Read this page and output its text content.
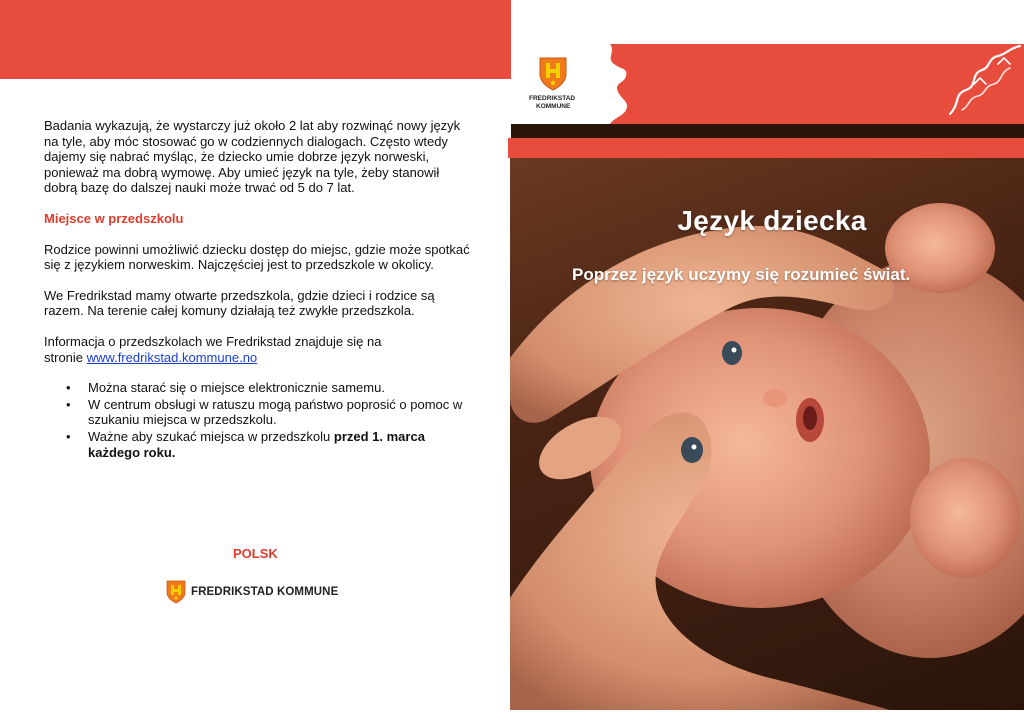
Badania wykazują, że wystarczy już około 2 lat aby rozwinąć nowy język na tyle, aby móc stosować go w codziennych dialogach. Często wtedy dajemy się nabrać myśląc, że dziecko umie dobrze język norweski, ponieważ ma dobrą wymowę. Aby umieć język na tyle, żeby stanowił dobrą bazę do dalszej nauki może trwać od 5 do 7 lat.

Miejsce w przedszkolu

Rodzice powinni umożliwić dziecku dostęp do miejsc, gdzie może spotkać się z językiem norweskim. Najczęściej jest to przedszkole w okolicy.

We Fredrikstad mamy otwarte przedszkola, gdzie dzieci i rodzice są razem. Na terenie całej komuny działają też zwykłe przedszkola.

Informacja o przedszkolach we Fredrikstad znajduje się na
stronie www.fredrikstad.kommune.no

• Można starać się o miejsce elektronicznie samemu.
• W centrum obsługi w ratuszu mogą państwo poprosić o pomoc w szukaniu miejsca w przedszkolu.
• Ważne aby szukać miejsca w przedszkolu przed 1. marca każdego roku.
POLSK
FREDRIKSTAD KOMMUNE
FREDRIKSTAD
KOMMUNE
Język dziecka
Poprzez język uczymy się rozumieć świat.
